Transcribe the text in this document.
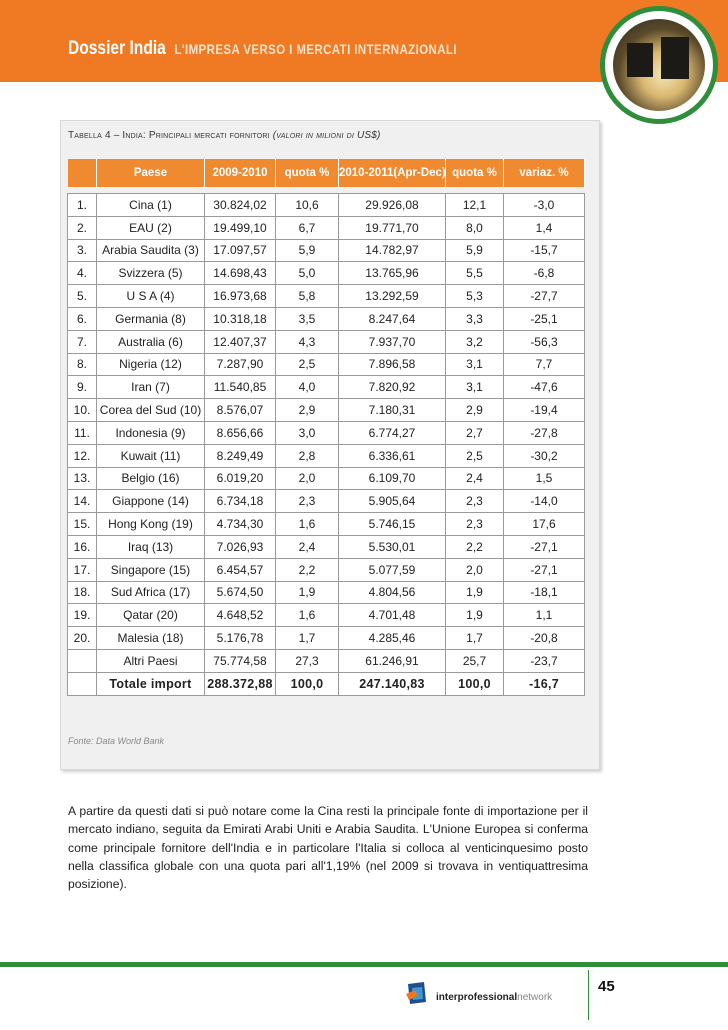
Dossier India L'IMPRESA VERSO I MERCATI INTERNAZIONALI
Tabella 4 – India: Principali mercati fornitori (valori in milioni di US$)
	Paese	2009-2010	quota %	2010-2011(Apr-Dec)	quota %	variaz. %

1.	Cina (1)	30.824,02	10,6	29.926,08	12,1	-3,0
2.	EAU (2)	19.499,10	6,7	19.771,70	8,0	1,4
3.	Arabia Saudita (3)	17.097,57	5,9	14.782,97	5,9	-15,7
4.	Svizzera (5)	14.698,43	5,0	13.765,96	5,5	-6,8
5.	U S A (4)	16.973,68	5,8	13.292,59	5,3	-27,7
6.	Germania (8)	10.318,18	3,5	8.247,64	3,3	-25,1
7.	Australia (6)	12.407,37	4,3	7.937,70	3,2	-56,3
8.	Nigeria (12)	7.287,90	2,5	7.896,58	3,1	7,7
9.	Iran (7)	11.540,85	4,0	7.820,92	3,1	-47,6
10.	Corea del Sud (10)	8.576,07	2,9	7.180,31	2,9	-19,4
11.	Indonesia (9)	8.656,66	3,0	6.774,27	2,7	-27,8
12.	Kuwait (11)	8.249,49	2,8	6.336,61	2,5	-30,2
13.	Belgio (16)	6.019,20	2,0	6.109,70	2,4	1,5
14.	Giappone (14)	6.734,18	2,3	5.905,64	2,3	-14,0
15.	Hong Kong (19)	4.734,30	1,6	5.746,15	2,3	17,6
16.	Iraq (13)	7.026,93	2,4	5.530,01	2,2	-27,1
17.	Singapore (15)	6.454,57	2,2	5.077,59	2,0	-27,1
18.	Sud Africa (17)	5.674,50	1,9	4.804,56	1,9	-18,1
19.	Qatar (20)	4.648,52	1,6	4.701,48	1,9	1,1
20.	Malesia (18)	5.176,78	1,7	4.285,46	1,7	-20,8
	Altri Paesi	75.774,58	27,3	61.246,91	25,7	-23,7
	Totale import	288.372,88	100,0	247.140,83	100,0	-16,7
Fonte: Data World Bank

A partire da questi dati si può notare come la Cina resti la principale fonte di importazione per il mercato indiano, seguita da Emirati Arabi Uniti e Arabia Saudita. L'Unione Europea si conferma come principale fornitore dell'India e in particolare l'Italia si colloca al venticinquesimo posto nella classifica globale con una quota pari all'1,19% (nel 2009 si trovava in ventiquattresima posizione).

interprofessionalnetwork
45
